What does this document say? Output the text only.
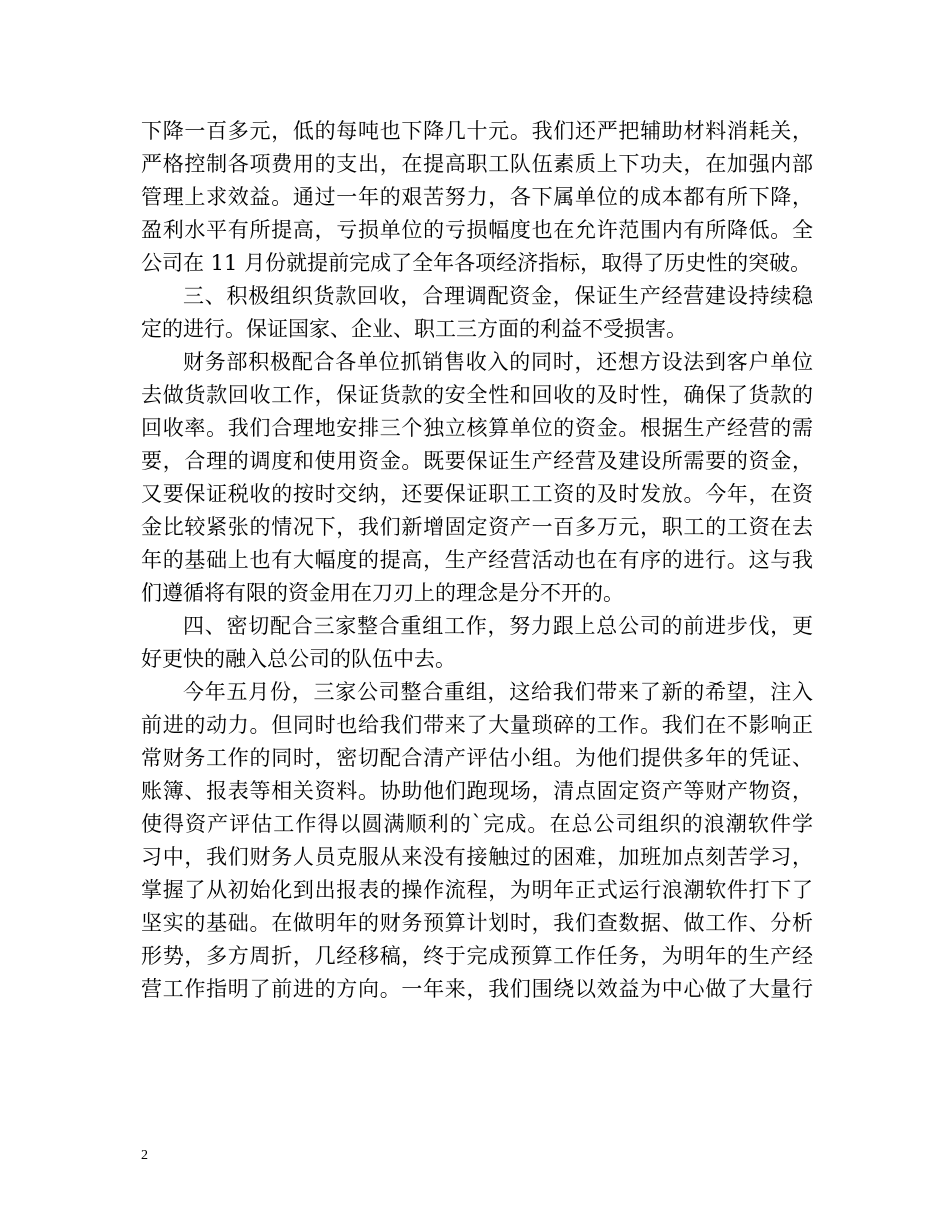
下降一百多元，低的每吨也下降几十元。我们还严把辅助材料消耗关，
严格控制各项费用的支出，在提高职工队伍素质上下功夫，在加强内部
管理上求效益。通过一年的艰苦努力，各下属单位的成本都有所下降，
盈利水平有所提高，亏损单位的亏损幅度也在允许范围内有所降低。全
公司在 11 月份就提前完成了全年各项经济指标，取得了历史性的突破。
三、积极组织货款回收，合理调配资金，保证生产经营建设持续稳
定的进行。保证国家、企业、职工三方面的利益不受损害。
财务部积极配合各单位抓销售收入的同时，还想方设法到客户单位
去做货款回收工作，保证货款的安全性和回收的及时性，确保了货款的
回收率。我们合理地安排三个独立核算单位的资金。根据生产经营的需
要，合理的调度和使用资金。既要保证生产经营及建设所需要的资金，
又要保证税收的按时交纳，还要保证职工工资的及时发放。今年，在资
金比较紧张的情况下，我们新增固定资产一百多万元，职工的工资在去
年的基础上也有大幅度的提高，生产经营活动也在有序的进行。这与我
们遵循将有限的资金用在刀刃上的理念是分不开的。
四、密切配合三家整合重组工作，努力跟上总公司的前进步伐，更
好更快的融入总公司的队伍中去。
今年五月份，三家公司整合重组，这给我们带来了新的希望，注入
前进的动力。但同时也给我们带来了大量琐碎的工作。我们在不影响正
常财务工作的同时，密切配合清产评估小组。为他们提供多年的凭证、
账簿、报表等相关资料。协助他们跑现场，清点固定资产等财产物资，
使得资产评估工作得以圆满顺利的`完成。在总公司组织的浪潮软件学
习中，我们财务人员克服从来没有接触过的困难，加班加点刻苦学习，
掌握了从初始化到出报表的操作流程，为明年正式运行浪潮软件打下了
坚实的基础。在做明年的财务预算计划时，我们查数据、做工作、分析
形势，多方周折，几经移稿，终于完成预算工作任务，为明年的生产经
营工作指明了前进的方向。一年来，我们围绕以效益为中心做了大量行
2
